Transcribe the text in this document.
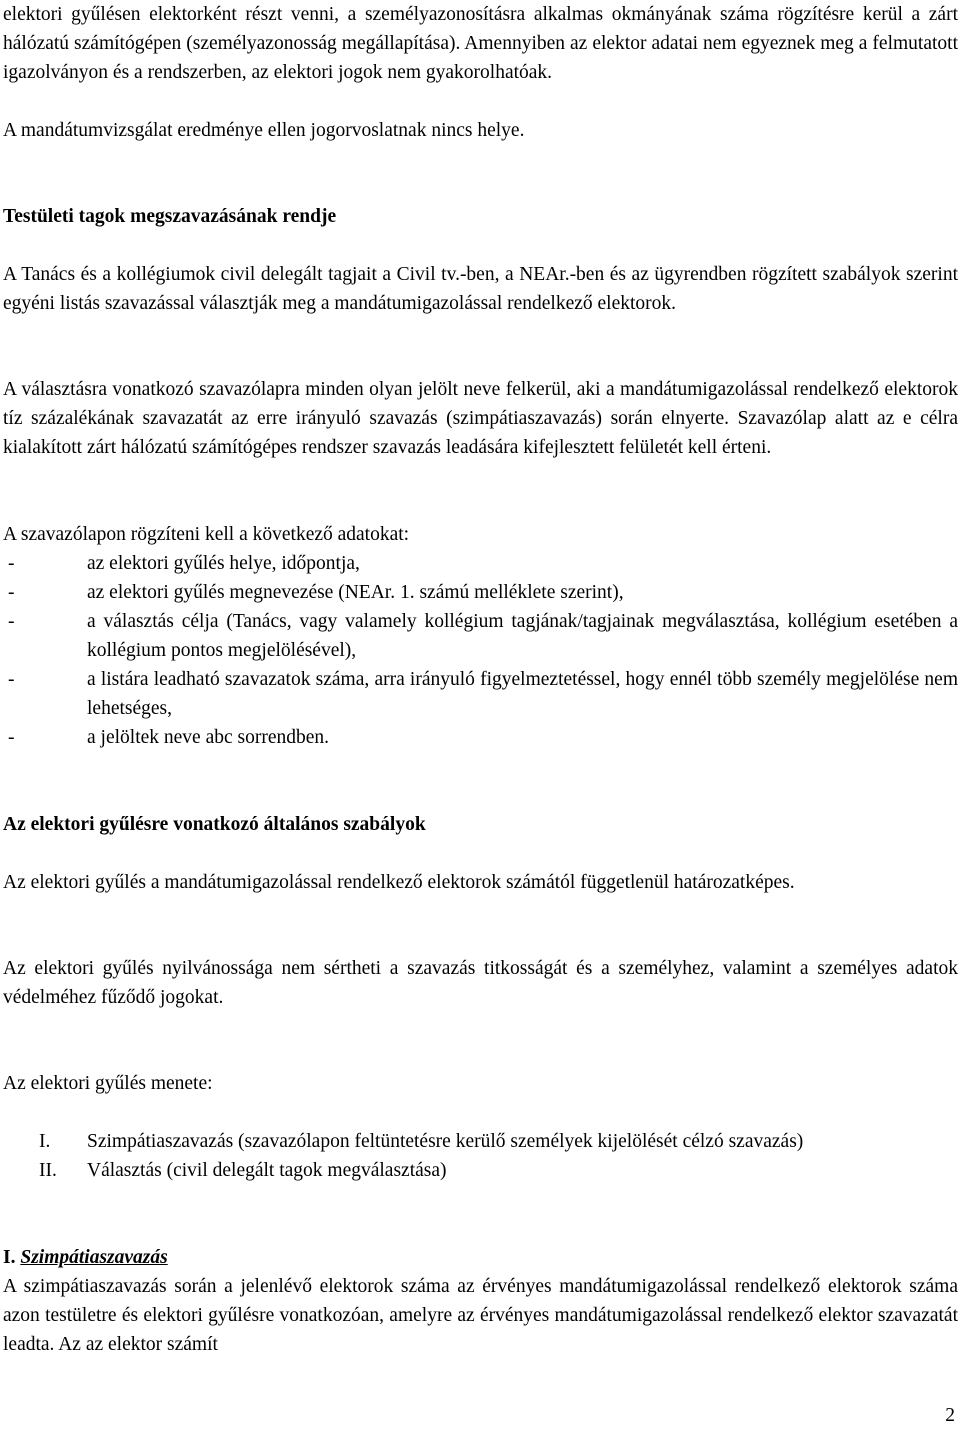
elektori gyűlésen elektorként részt venni, a személyazonosításra alkalmas okmányának száma rögzítésre kerül a zárt hálózatú számítógépen (személyazonosság megállapítása). Amennyiben az elektor adatai nem egyeznek meg a felmutatott igazolványon és a rendszerben, az elektori jogok nem gyakorolhatóak.

A mandátumvizsgálat eredménye ellen jogorvoslatnak nincs helye.

Testületi tagok megszavazásának rendje

A Tanács és a kollégiumok civil delegált tagjait a Civil tv.-ben, a NEAr.-ben és az ügyrendben rögzített szabályok szerint egyéni listás szavazással választják meg a mandátumigazolással rendelkező elektorok.

A választásra vonatkozó szavazólapra minden olyan jelölt neve felkerül, aki a mandátumigazolással rendelkező elektorok tíz százalékának szavazatát az erre irányuló szavazás (szimpátiaszavazás) során elnyerte. Szavazólap alatt az e célra kialakított zárt hálózatú számítógépes rendszer szavazás leadására kifejlesztett felületét kell érteni.

A szavazólapon rögzíteni kell a következő adatokat:

- az elektori gyűlés helye, időpontja,
- az elektori gyűlés megnevezése (NEAr. 1. számú melléklete szerint),
- a választás célja (Tanács, vagy valamely kollégium tagjának/tagjainak megválasztása, kollégium esetében a kollégium pontos megjelölésével),
- a listára leadható szavazatok száma, arra irányuló figyelmeztetéssel, hogy ennél több személy megjelölése nem lehetséges,
- a jelöltek neve abc sorrendben.

Az elektori gyűlésre vonatkozó általános szabályok

Az elektori gyűlés a mandátumigazolással rendelkező elektorok számától függetlenül határozatképes.

Az elektori gyűlés nyilvánossága nem sértheti a szavazás titkosságát és a személyhez, valamint a személyes adatok védelméhez fűződő jogokat.

Az elektori gyűlés menete:

I. Szimpátiaszavazás (szavazólapon feltüntetésre kerülő személyek kijelölését célzó szavazás)
II. Választás (civil delegált tagok megválasztása)

I. Szimpátiaszavazás

A szimpátiaszavazás során a jelenlévő elektorok száma az érvényes mandátumigazolással rendelkező elektorok száma azon testületre és elektori gyűlésre vonatkozóan, amelyre az érvényes mandátumigazolással rendelkező elektor szavazatát leadta. Az az elektor számít

2
